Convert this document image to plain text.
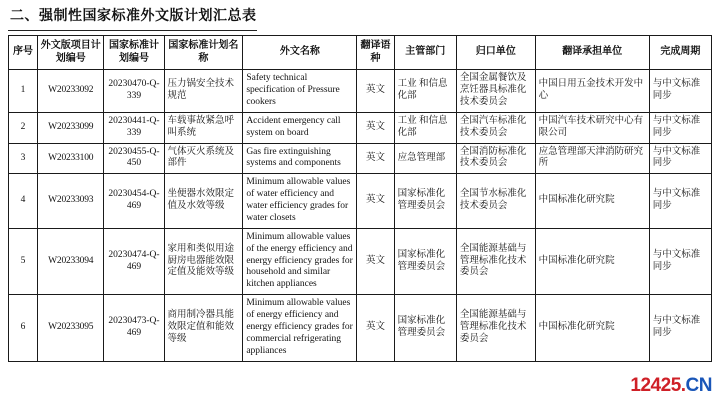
二、强制性国家标准外文版计划汇总表
序号	外文版项目计划编号	国家标准计划编号	国家标准计划名称	外文名称	翻译语种	主管部门	归口单位	翻译承担单位	完成周期
1	W20233092	20230470-Q-339	压力锅安全技术规范	Safety technical specification of Pressure cookers	英文	工业 和信息化部	全国金属餐饮及烹饪器具标准化技术委员会	中国日用五金技术开发中心	与中文标准同步
2	W20233099	20230441-Q-339	车载事故紧急呼叫系统	Accident emergency call system on board	英文	工业 和信息化部	全国汽车标准化技术委员会	中国汽车技术研究中心有限公司	与中文标准同步
3	W20233100	20230455-Q-450	气体灭火系统及部件	Gas fire extinguishing systems and components	英文	应急管理部	全国消防标准化技术委员会	应急管理部天津消防研究所	与中文标准同步
4	W20233093	20230454-Q-469	坐便器水效限定值及水效等级	Minimum allowable values of water efficiency and water efficiency grades for water closets	英文	国家标准化管理委员会	全国节水标准化技术委员会	中国标准化研究院	与中文标准同步
5	W20233094	20230474-Q-469	家用和类似用途厨房电器能效限定值及能效等级	Minimum allowable values of the energy efficiency and energy efficiency grades for household and similar kitchen appliances	英文	国家标准化管理委员会	全国能源基础与管理标准化技术委员会	中国标准化研究院	与中文标准同步
6	W20233095	20230473-Q-469	商用制冷器具能效限定值和能效等级	Minimum allowable values of energy efficiency and energy efficiency grades for commercial refrigerating appliances	英文	国家标准化管理委员会	全国能源基础与管理标准化技术委员会	中国标准化研究院	与中文标准同步
12425.CN
